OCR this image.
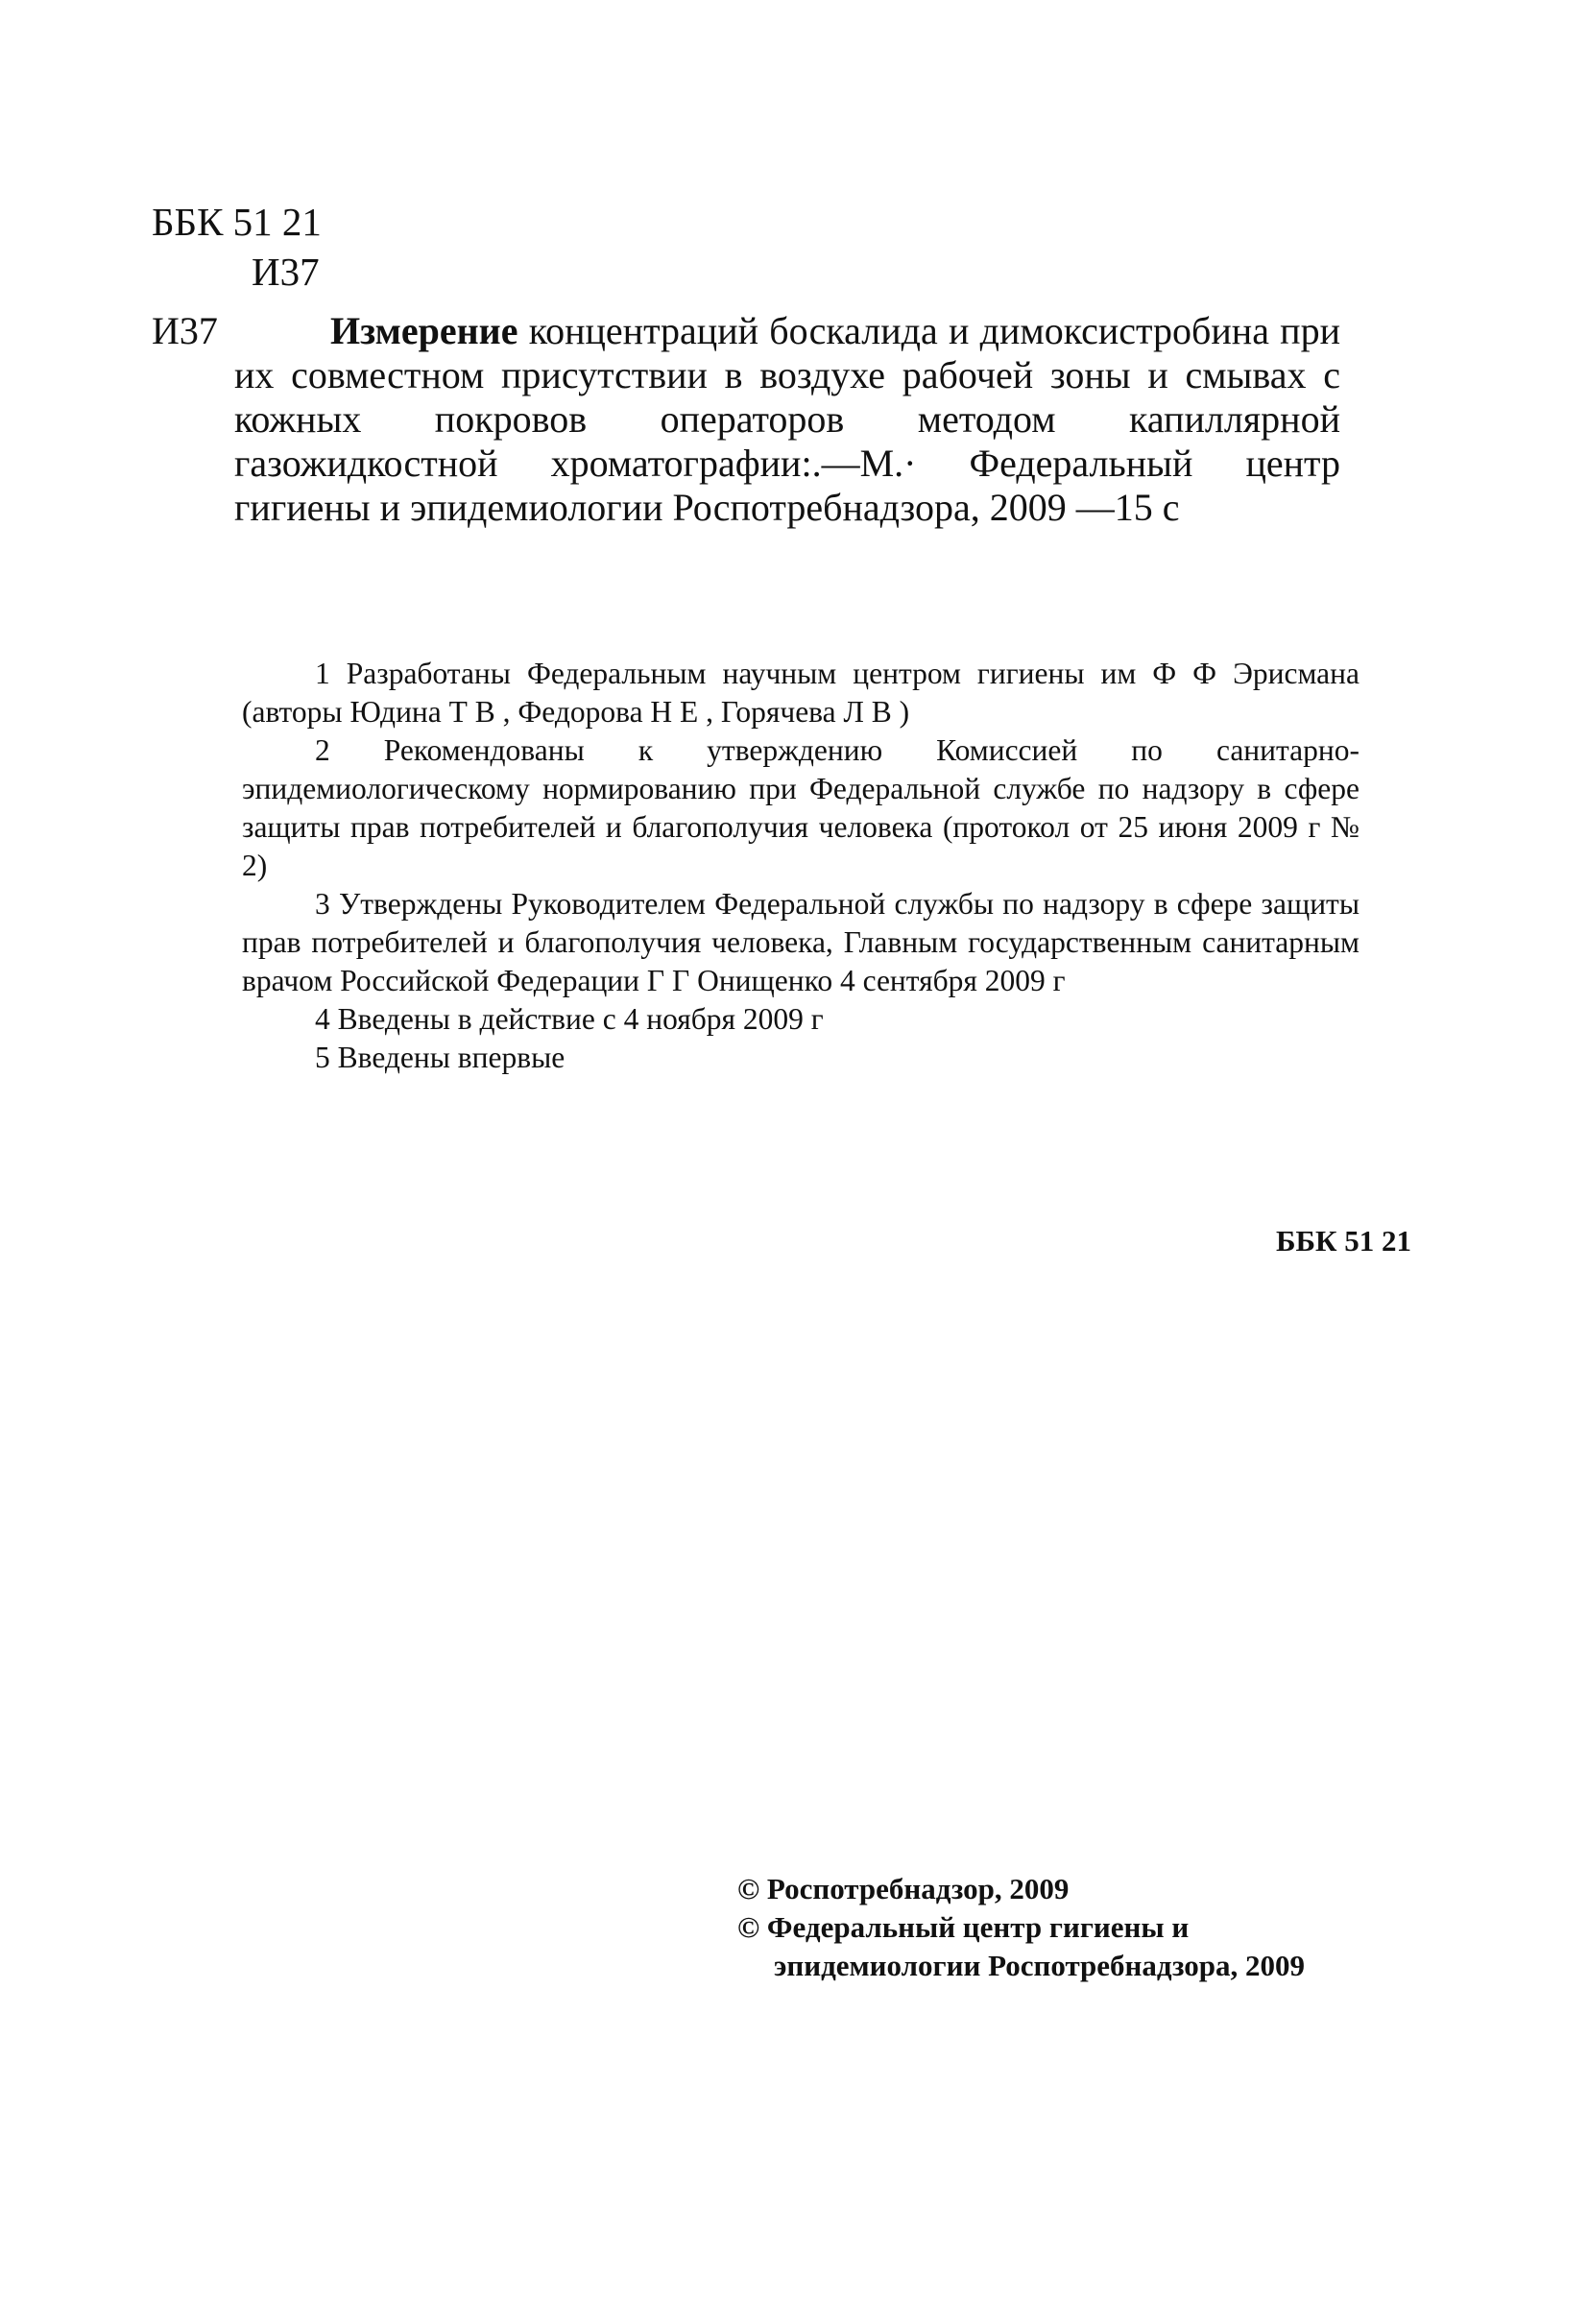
ББК 51 21
И37
И37	Измерение концентраций боскалида и димоксистробина при их совместном присутствии в воздухе рабочей зоны и смывах с кожных покровов операторов методом капиллярной газожидкостной хроматографии:.—М.· Федеральный центр гигиены и эпидемиологии Роспотребнадзора, 2009 —15 с

1 Разработаны Федеральным научным центром гигиены им Ф Ф Эрисмана (авторы Юдина Т В , Федорова Н Е , Горячева Л В )

2 Рекомендованы к утверждению Комиссией по санитарно-эпидемиологическому нормированию при Федеральной службе по надзору в сфере защиты прав потребителей и благополучия человека (протокол от 25 июня 2009 г № 2)

3 Утверждены Руководителем Федеральной службы по надзору в сфере защиты прав потребителей и благополучия человека, Главным государственным санитарным врачом Российской Федерации Г Г Онищенко 4 сентября 2009 г

4 Введены в действие с 4 ноября 2009 г

5 Введены впервые

ББК 51 21
© Роспотребнадзор, 2009
© Федеральный центр гигиены и
эпидемиологии Роспотребнадзора, 2009
